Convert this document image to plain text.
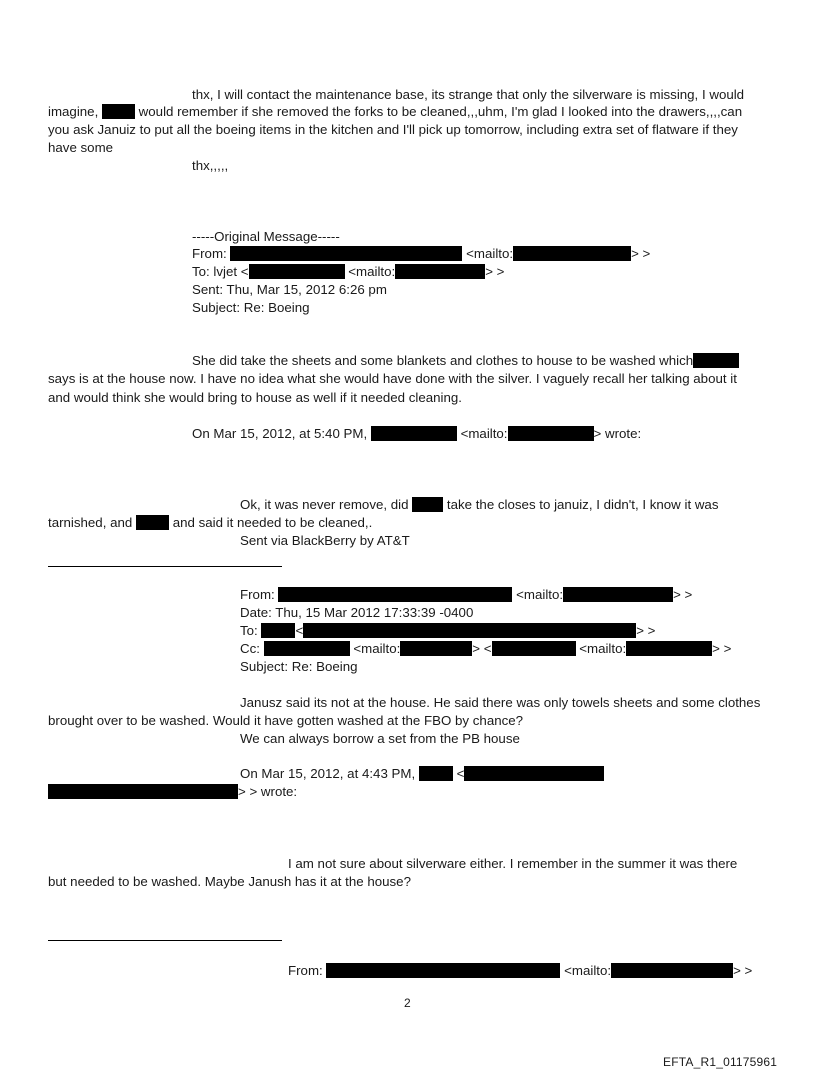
thx, I will contact the maintenance base, its strange that only the silverware is missing, I would
imagine,	would remember if she removed the forks to be cleaned,,,uhm, I'm glad I looked into the drawers,,,,can
you ask Januiz to put all the boeing items in the kitchen and I'll pick up tomorrow, including extra set of flatware if they
have some
thx,,,,,
-----Original Message-----
From:	<mailto:	> >
To: lvjet <	<mailto:	> >
Sent: Thu, Mar 15, 2012 6:26 pm
Subject: Re: Boeing
She did take the sheets and some blankets and clothes to house to be washed which
says is at the house now. I have no idea what she would have done with the silver. I vaguely recall her talking about it
and would think she would bring to house as well if it needed cleaning.
On Mar 15, 2012, at 5:40 PM,	<mailto:	> wrote:
Ok, it was never remove, did	take the closes to januiz, I didn't, I know it was
tarnished, and	and said it needed to be cleaned,.
Sent via BlackBerry by AT&T
From:	<mailto:	> >
Date: Thu, 15 Mar 2012 17:33:39 -0400
To:	<	> >
Cc:	<mailto:	> <	<mailto:	> >
Subject: Re: Boeing
Janusz said its not at the house. He said there was only towels sheets and some clothes
brought over to be washed. Would it have gotten washed at the FBO by chance?
We can always borrow a set from the PB house
On Mar 15, 2012, at 4:43 PM,	<
> > wrote:
I am not sure about silverware either. I remember in the summer it was there
but needed to be washed. Maybe Janush has it at the house?
From:	<mailto:	> >
2
EFTA_R1_01175961
